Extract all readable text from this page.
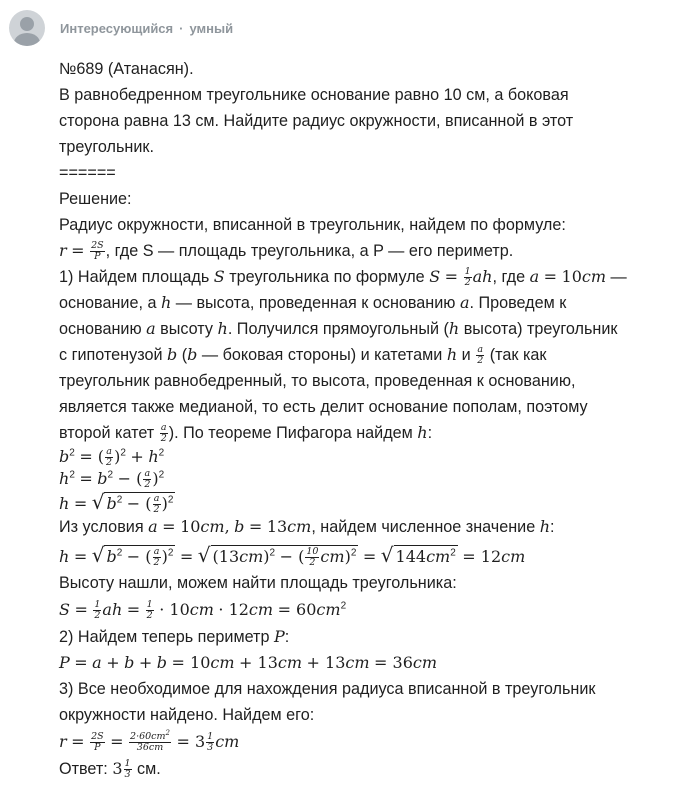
Интересующийся · умный
№689 (Атанасян).
В равнобедренном треугольнике основание равно 10 см, а боковая
сторона равна 13 см. Найдите радиус окружности, вписанной в этот
треугольник.
======
Решение:
Радиус окружности, вписанной в треугольник, найдем по формуле:
$r = \frac{2S}{P}$ , где S — площадь треугольника, а P — его периметр.
1) Найдем площадь S треугольника по формуле $S = \frac{1}{2}$ ah, где a = 10cm —
основание, а h — высота, проведенная к основанию a. Проведем к
основанию a высоту h. Получился прямоугольный (h высота) треугольник
с гипотенузой b (b — боковая стороны) и катетами h и $\frac{a}{2} (так$ как
треугольник равнобедренный, то высота, проведенная к основанию,
является также медианой, то есть делит основание пополам, поэтому
второй катет $\frac{a}{2}$ ). По теореме Пифагора найдем h:
$b^2$ = ( $\frac{a}{2} )^2 + h^2$
$h^2 = b^2$ − ( $\frac{a}{2} )^2$
h = √ $b^2$ − ( $\frac{a}{2} )^2$
Из условия a = 10cm, b = 13cm, найдем численное значение h:
h = √ $b^2$ − ( $\frac{a}{2} )^2$ = √ $(13cm)^2$ − ( $\frac{10}{2} cm)^2$ = √ $144cm^2 = 12cm$
Высоту нашли, можем найти площадь треугольника:
$S = \frac{1}{2}$ ah = $\frac{1}{2} \cdot 10cm \cdot 12cm = 60cm^2$
2) Найдем теперь периметр P:
P = a + b + b = 10cm + 13cm + 13cm = 36cm
3) Все необходимое для нахождения радиуса вписанной в треугольник
окружности найдено. Найдем его:
$r = \frac{2S}{P} = \frac{2\cdot 60cm^2}{36cm} = 3 \frac{1}{3}$ cm
Ответ: $3 \frac{1}{3}$ см.
